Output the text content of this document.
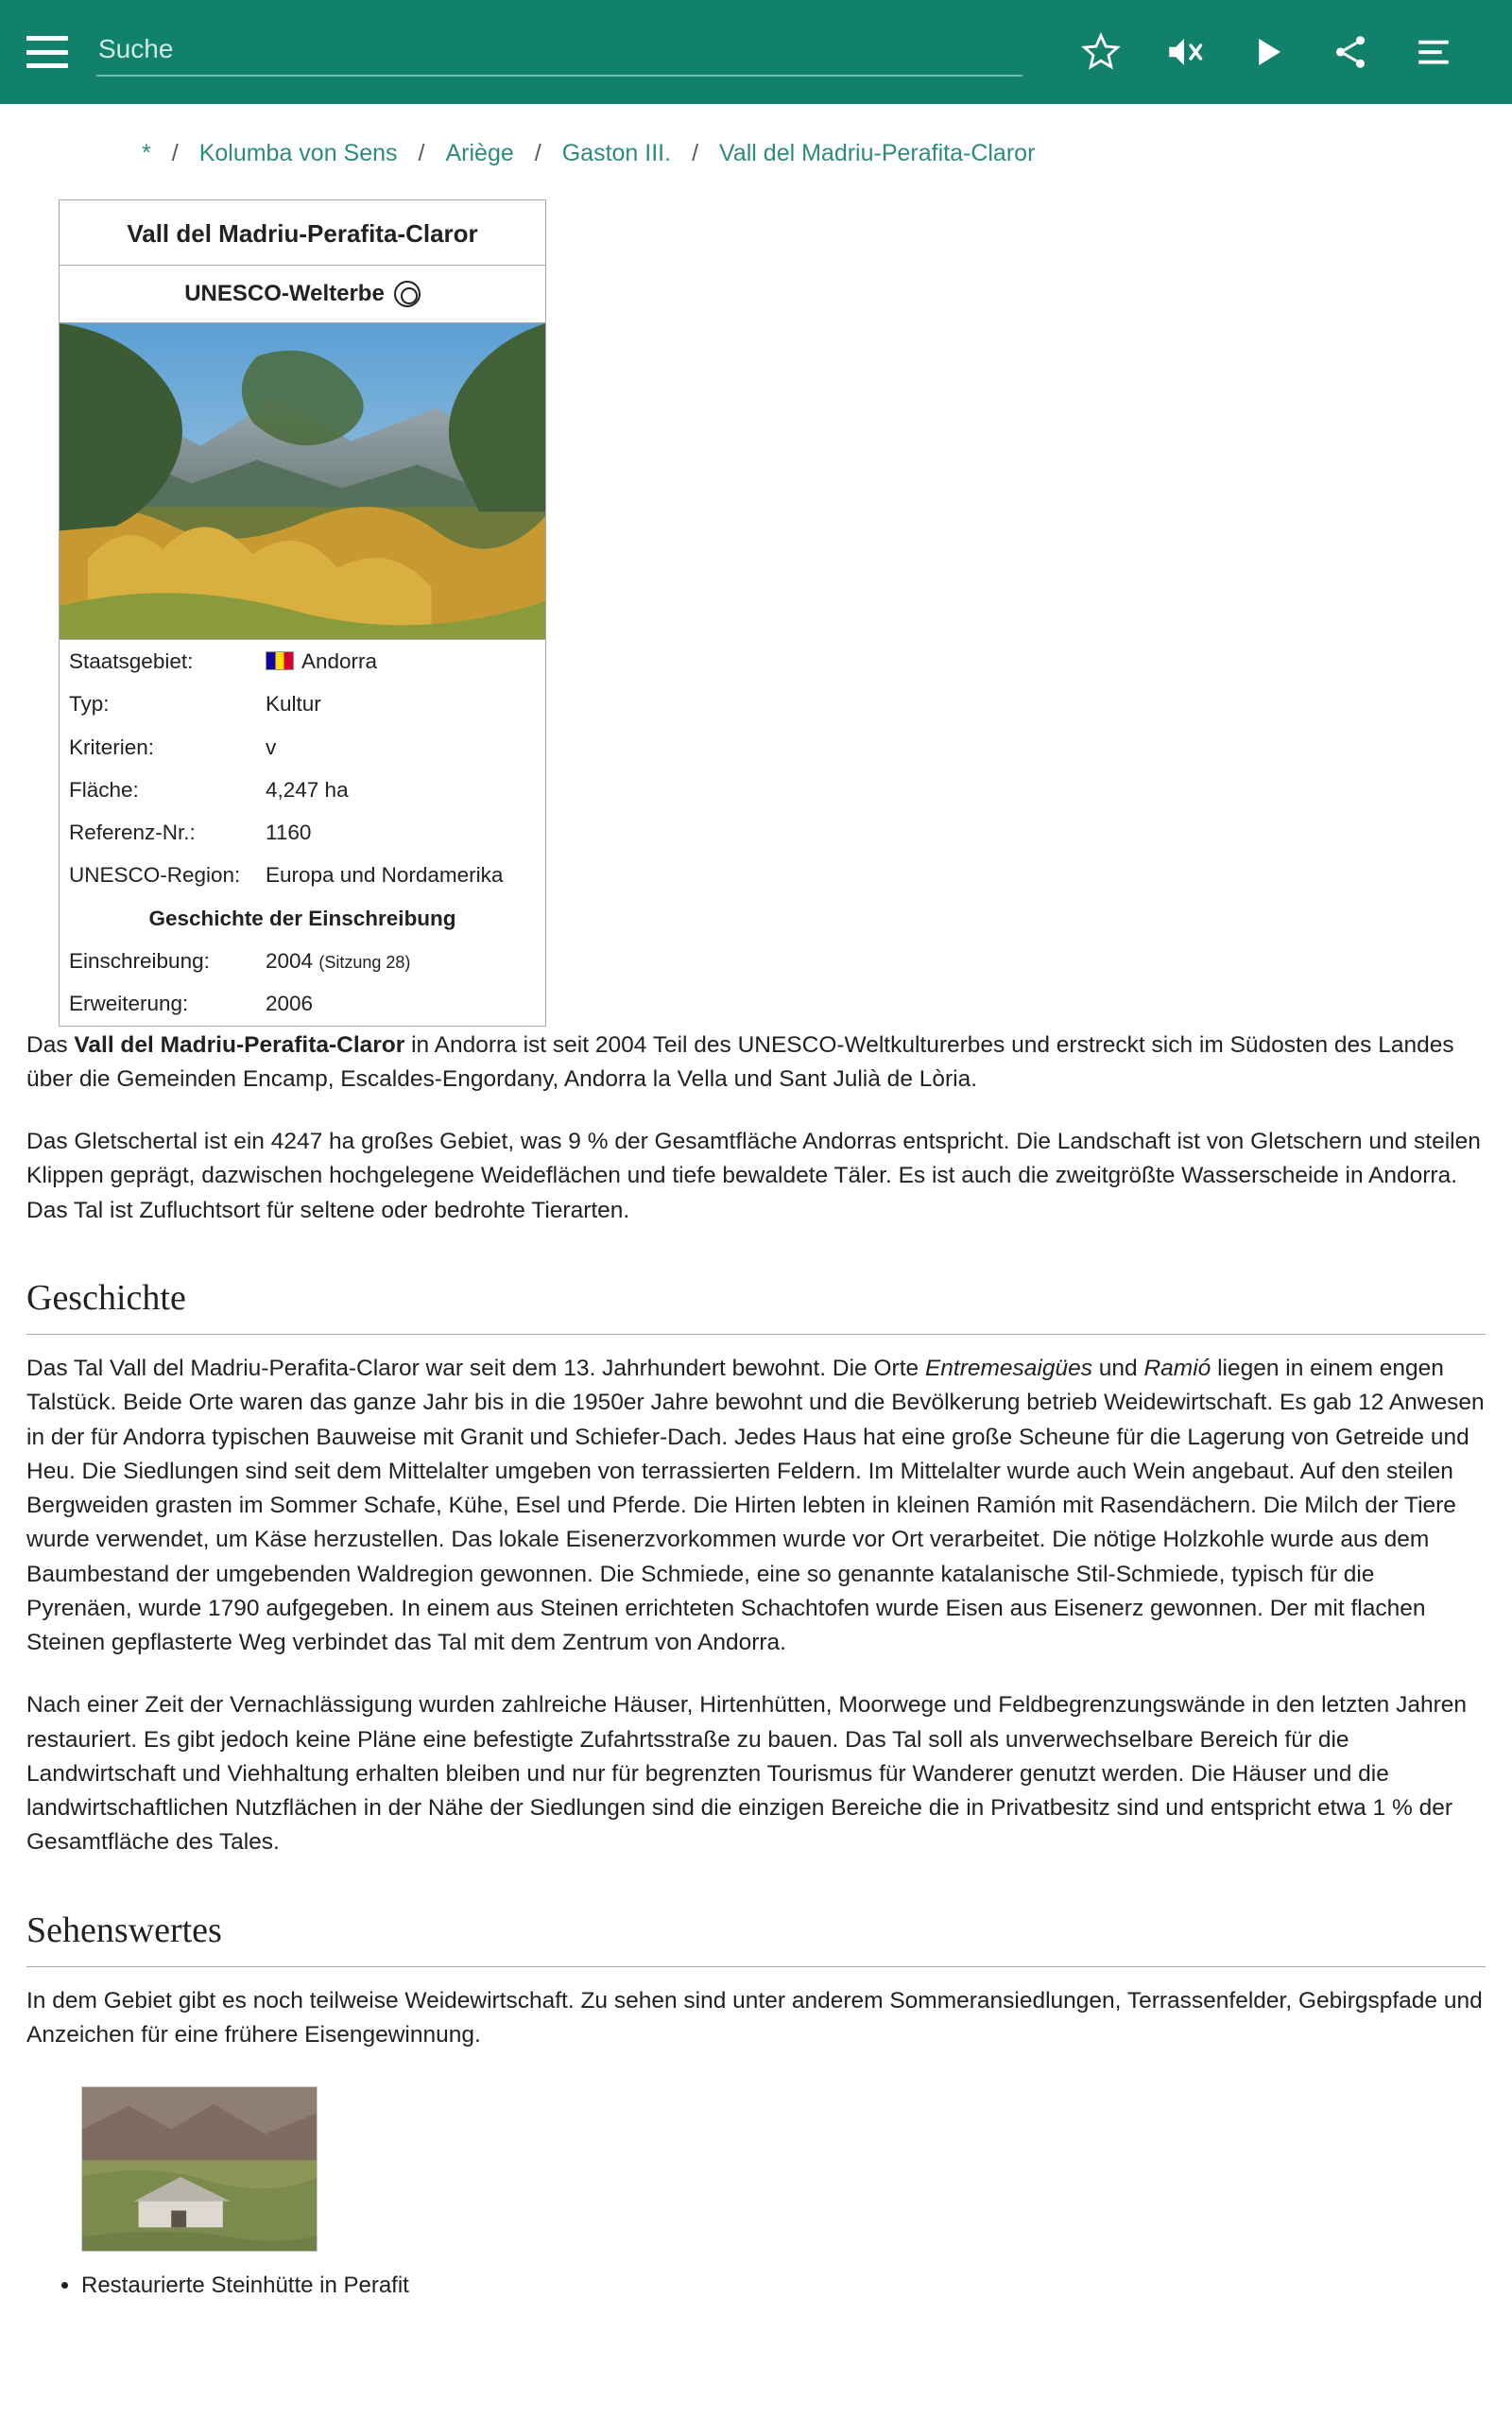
Suche
* / Kolumba von Sens / Ariège / Gaston III. / Vall del Madriu-Perafita-Claror
Vall del Madriu-Perafita-Claror
UNESCO-Welterbe
Staatsgebiet:	Andorra
Typ:	Kultur
Kriterien:	v
Fläche:	4,247 ha
Referenz-Nr.:	1160
UNESCO-Region:	Europa und Nordamerika
Geschichte der Einschreibung	
Einschreibung:	2004 (Sitzung 28)
Erweiterung:	2006

Das Vall del Madriu-Perafita-Claror in Andorra ist seit 2004 Teil des UNESCO-Weltkulturerbes und erstreckt sich im Südosten des Landes über die Gemeinden Encamp, Escaldes-Engordany, Andorra la Vella und Sant Julià de Lòria.

Das Gletschertal ist ein 4247 ha großes Gebiet, was 9 % der Gesamtfläche Andorras entspricht. Die Landschaft ist von Gletschern und steilen Klippen geprägt, dazwischen hochgelegene Weideflächen und tiefe bewaldete Täler. Es ist auch die zweitgrößte Wasserscheide in Andorra. Das Tal ist Zufluchtsort für seltene oder bedrohte Tierarten.

Geschichte

Das Tal Vall del Madriu-Perafita-Claror war seit dem 13. Jahrhundert bewohnt. Die Orte Entremesaigües und Ramió liegen in einem engen Talstück. Beide Orte waren das ganze Jahr bis in die 1950er Jahre bewohnt und die Bevölkerung betrieb Weidewirtschaft. Es gab 12 Anwesen in der für Andorra typischen Bauweise mit Granit und Schiefer-Dach. Jedes Haus hat eine große Scheune für die Lagerung von Getreide und Heu. Die Siedlungen sind seit dem Mittelalter umgeben von terrassierten Feldern. Im Mittelalter wurde auch Wein angebaut. Auf den steilen Bergweiden grasten im Sommer Schafe, Kühe, Esel und Pferde. Die Hirten lebten in kleinen Ramión mit Rasendächern. Die Milch der Tiere wurde verwendet, um Käse herzustellen. Das lokale Eisenerzvorkommen wurde vor Ort verarbeitet. Die nötige Holzkohle wurde aus dem Baumbestand der umgebenden Waldregion gewonnen. Die Schmiede, eine so genannte katalanische Stil-Schmiede, typisch für die Pyrenäen, wurde 1790 aufgegeben. In einem aus Steinen errichteten Schachtofen wurde Eisen aus Eisenerz gewonnen. Der mit flachen Steinen gepflasterte Weg verbindet das Tal mit dem Zentrum von Andorra.

Nach einer Zeit der Vernachlässigung wurden zahlreiche Häuser, Hirtenhütten, Moorwege und Feldbegrenzungswände in den letzten Jahren restauriert. Es gibt jedoch keine Pläne eine befestigte Zufahrtsstraße zu bauen. Das Tal soll als unverwechselbare Bereich für die Landwirtschaft und Viehhaltung erhalten bleiben und nur für begrenzten Tourismus für Wanderer genutzt werden. Die Häuser und die landwirtschaftlichen Nutzflächen in der Nähe der Siedlungen sind die einzigen Bereiche die in Privatbesitz sind und entspricht etwa 1 % der Gesamtfläche des Tales.

Sehenswertes

In dem Gebiet gibt es noch teilweise Weidewirtschaft. Zu sehen sind unter anderem Sommeransiedlungen, Terrassenfelder, Gebirgspfade und Anzeichen für eine frühere Eisengewinnung.

• Restaurierte Steinhütte in Perafit
